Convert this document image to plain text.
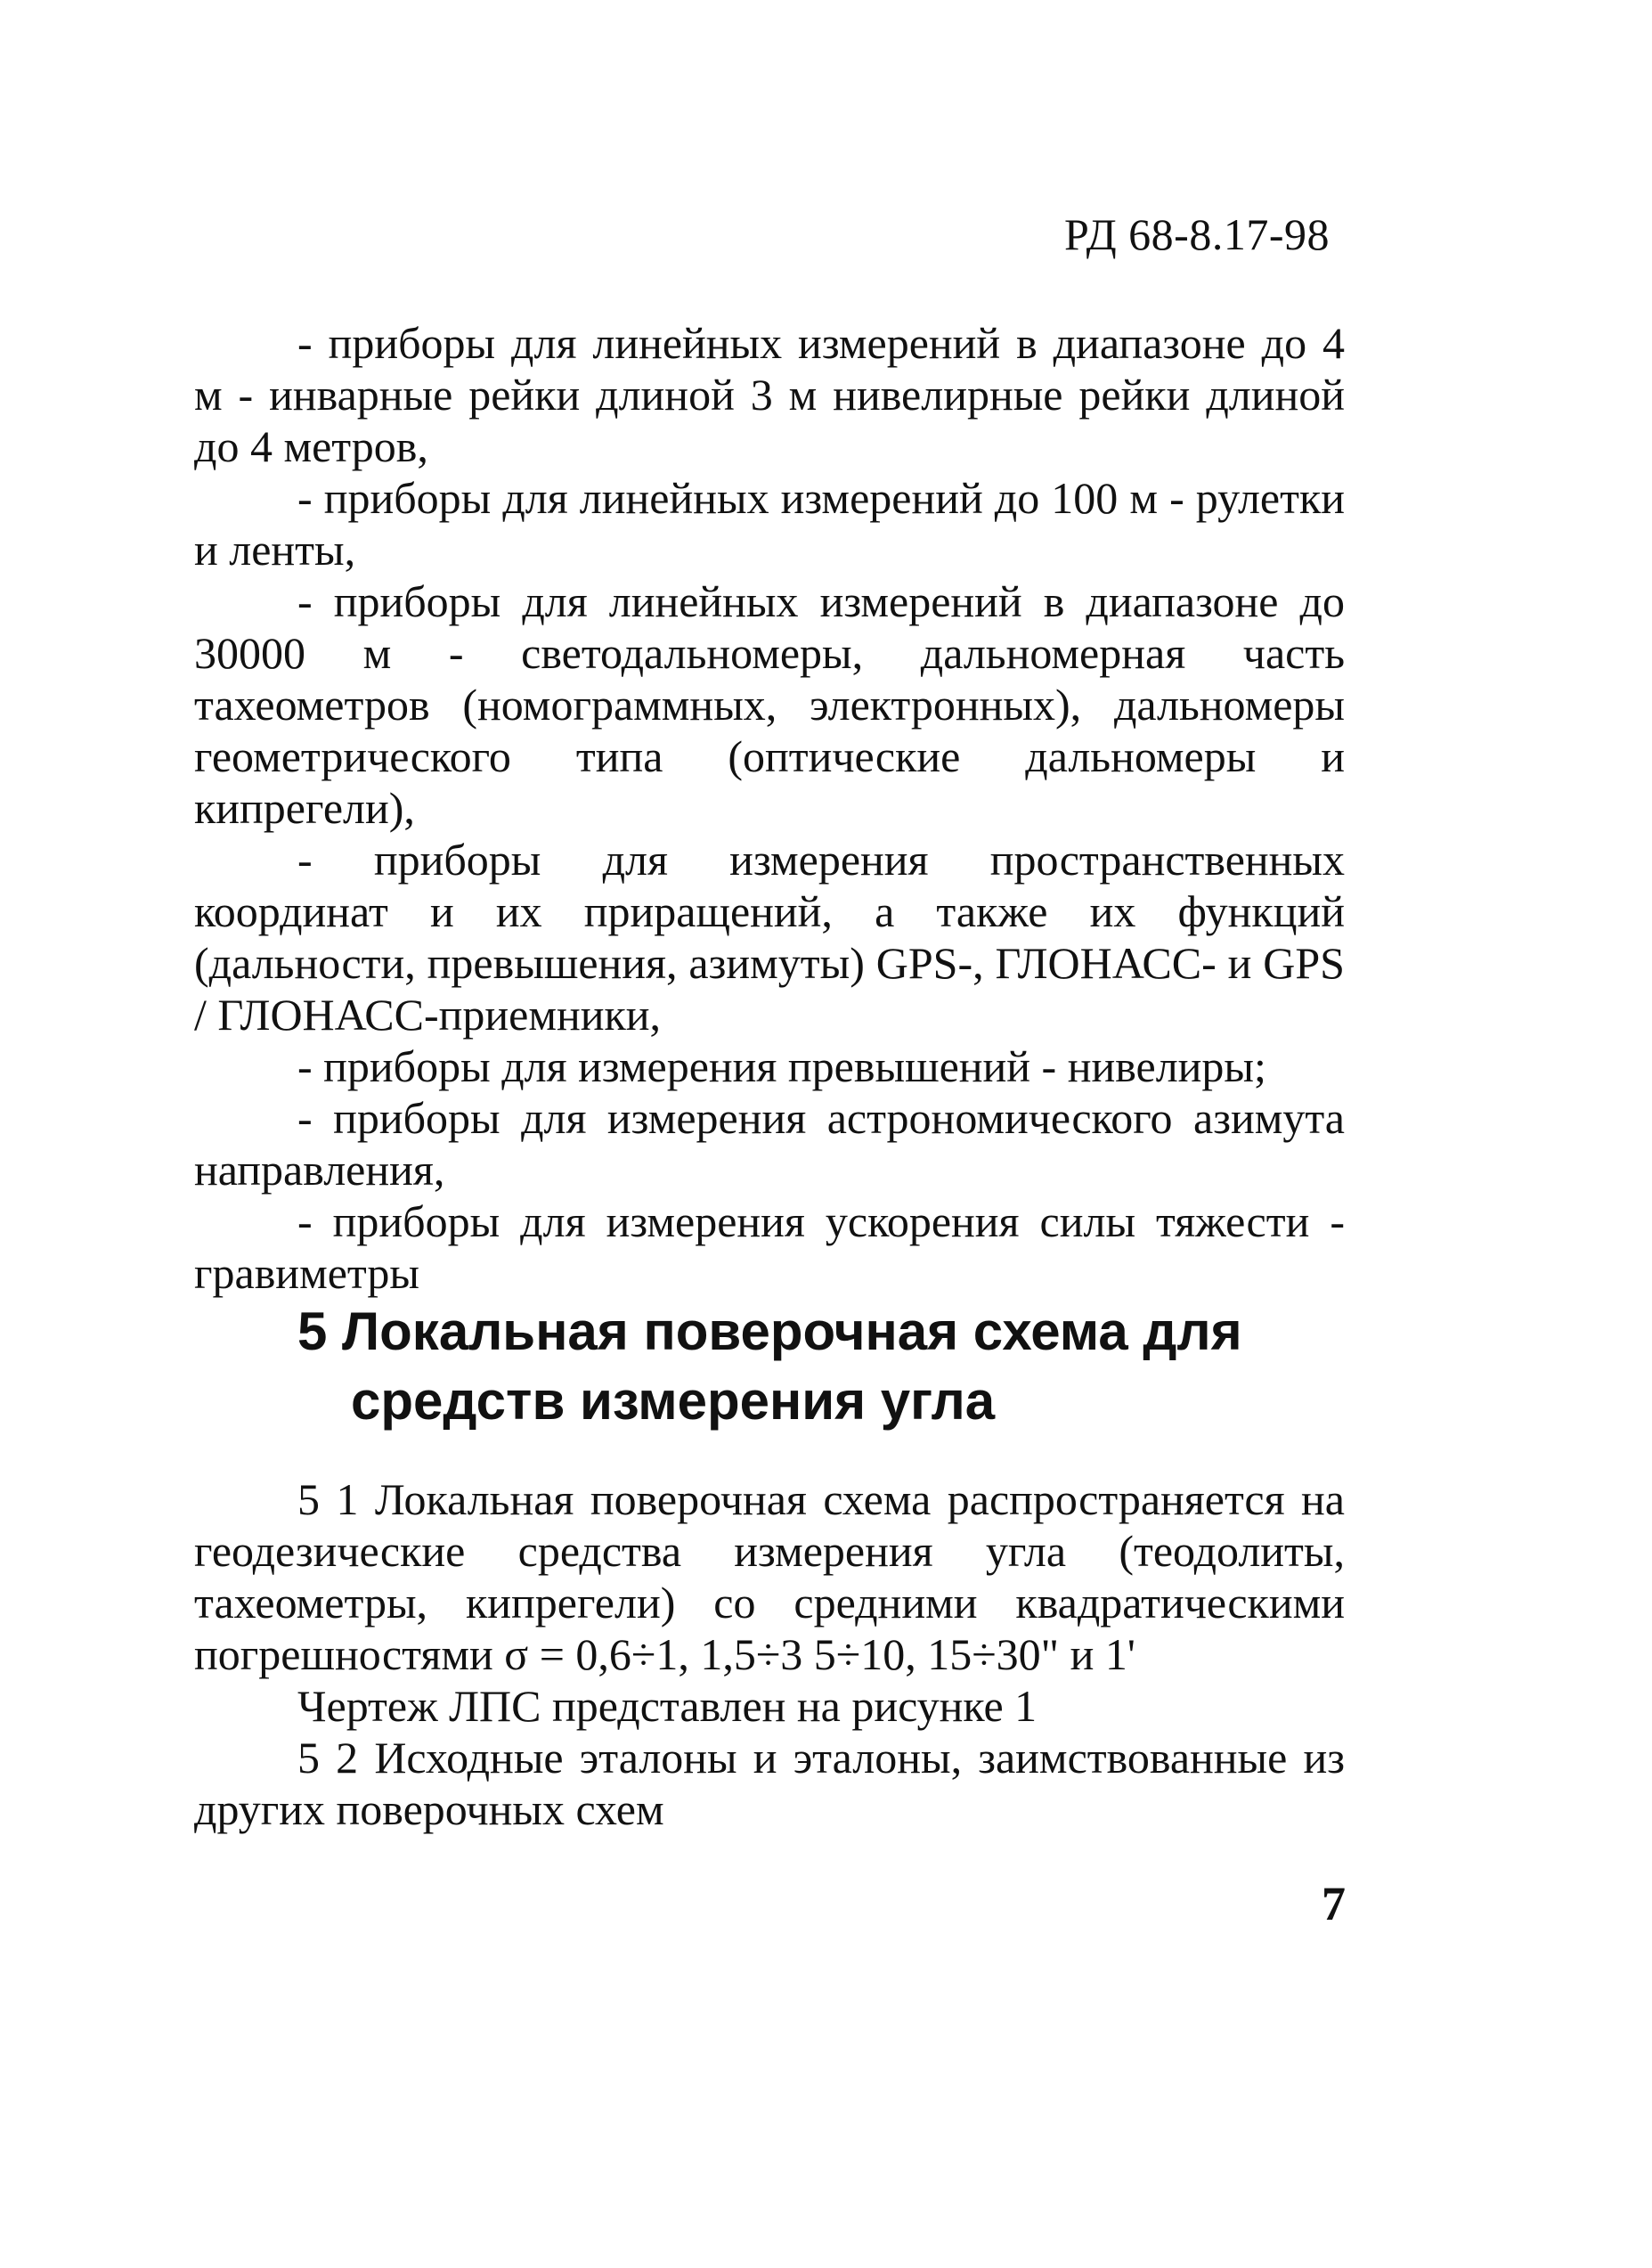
РД 68-8.17-98

- приборы для линейных измерений в диапазоне до 4 м - инварные рейки длиной 3 м нивелирные рейки длиной до 4 метров,

- приборы для линейных измерений до 100 м - рулетки и ленты,

- приборы для линейных измерений в диапазоне до 30000 м - светодальномеры, дальномерная часть тахеометров (номограммных, электронных), дальномеры геометрического типа (оптические дальномеры и кипрегели),

- приборы для измерения пространственных координат и их приращений, а также их функций (дальности, превышения, азимуты) GPS-, ГЛОНАСС- и GPS / ГЛОНАСС-приемники,

- приборы для измерения превышений - нивелиры;

- приборы для измерения астрономического азимута направления,

- приборы для измерения ускорения силы тяжести - гравиметры

5 Локальная поверочная схема для
средств измерения угла

5 1 Локальная поверочная схема распространяется на геодезические средства измерения угла (теодолиты, тахеометры, кипрегели) со средними квадратическими погрешностями σ = 0,6÷1, 1,5÷3 5÷10, 15÷30" и 1'

Чертеж ЛПС представлен на рисунке 1

5 2 Исходные эталоны и эталоны, заимствованные из других поверочных схем

7
